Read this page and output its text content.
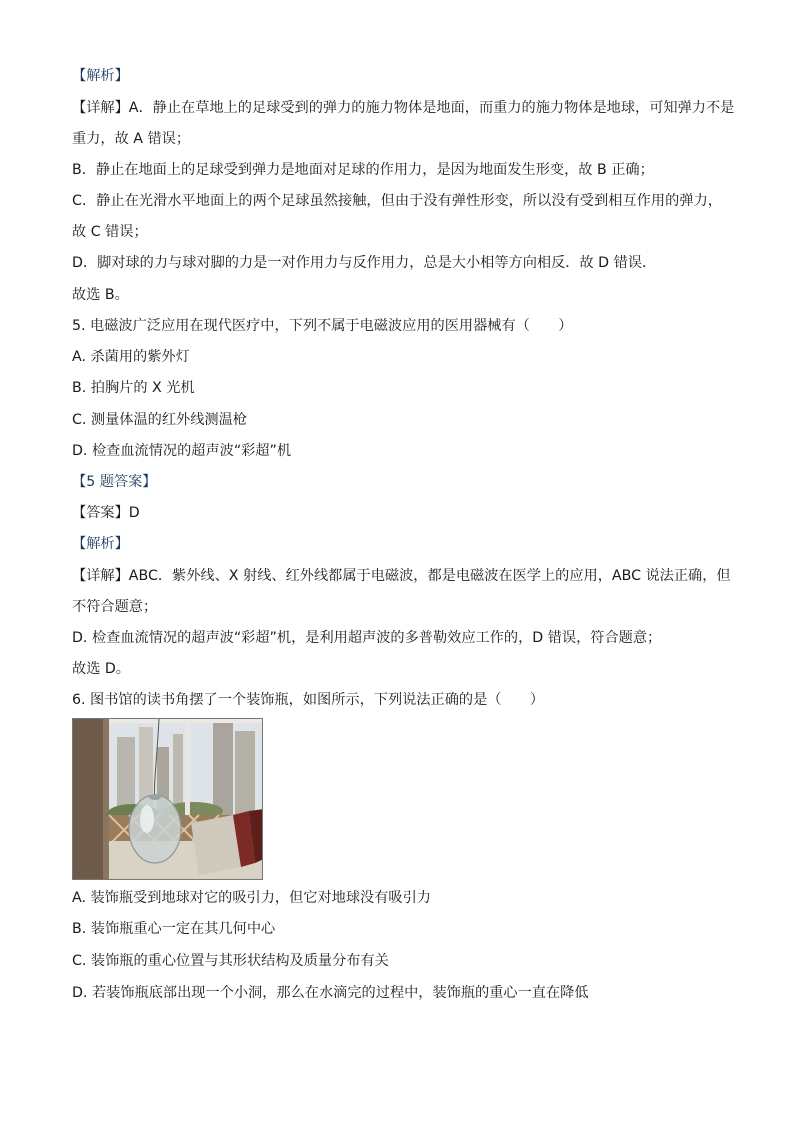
【解析】
【详解】A．静止在草地上的足球受到的弹力的施力物体是地面，而重力的施力物体是地球，可知弹力不是
重力，故 A 错误；
B．静止在地面上的足球受到弹力是地面对足球的作用力，是因为地面发生形变，故 B 正确；
C．静止在光滑水平地面上的两个足球虽然接触，但由于没有弹性形变，所以没有受到相互作用的弹力，
故 C 错误；
D．脚对球的力与球对脚的力是一对作用力与反作用力，总是大小相等方向相反．故 D 错误．
故选 B。
5. 电磁波广泛应用在现代医疗中，下列不属于电磁波应用的医用器械有（　　）
A. 杀菌用的紫外灯
B. 拍胸片的 X 光机
C. 测量体温的红外线测温枪
D. 检查血流情况的超声波“彩超”机
【5 题答案】
【答案】D
【解析】
【详解】ABC．紫外线、X 射线、红外线都属于电磁波，都是电磁波在医学上的应用，ABC 说法正确，但
不符合题意；
D. 检查血流情况的超声波“彩超”机，是利用超声波的多普勒效应工作的，D 错误，符合题意；
故选 D。
6. 图书馆的读书角摆了一个装饰瓶，如图所示，下列说法正确的是（　　）
A. 装饰瓶受到地球对它的吸引力，但它对地球没有吸引力
B. 装饰瓶重心一定在其几何中心
C. 装饰瓶的重心位置与其形状结构及质量分布有关
D. 若装饰瓶底部出现一个小洞，那么在水滴完的过程中，装饰瓶的重心一直在降低
